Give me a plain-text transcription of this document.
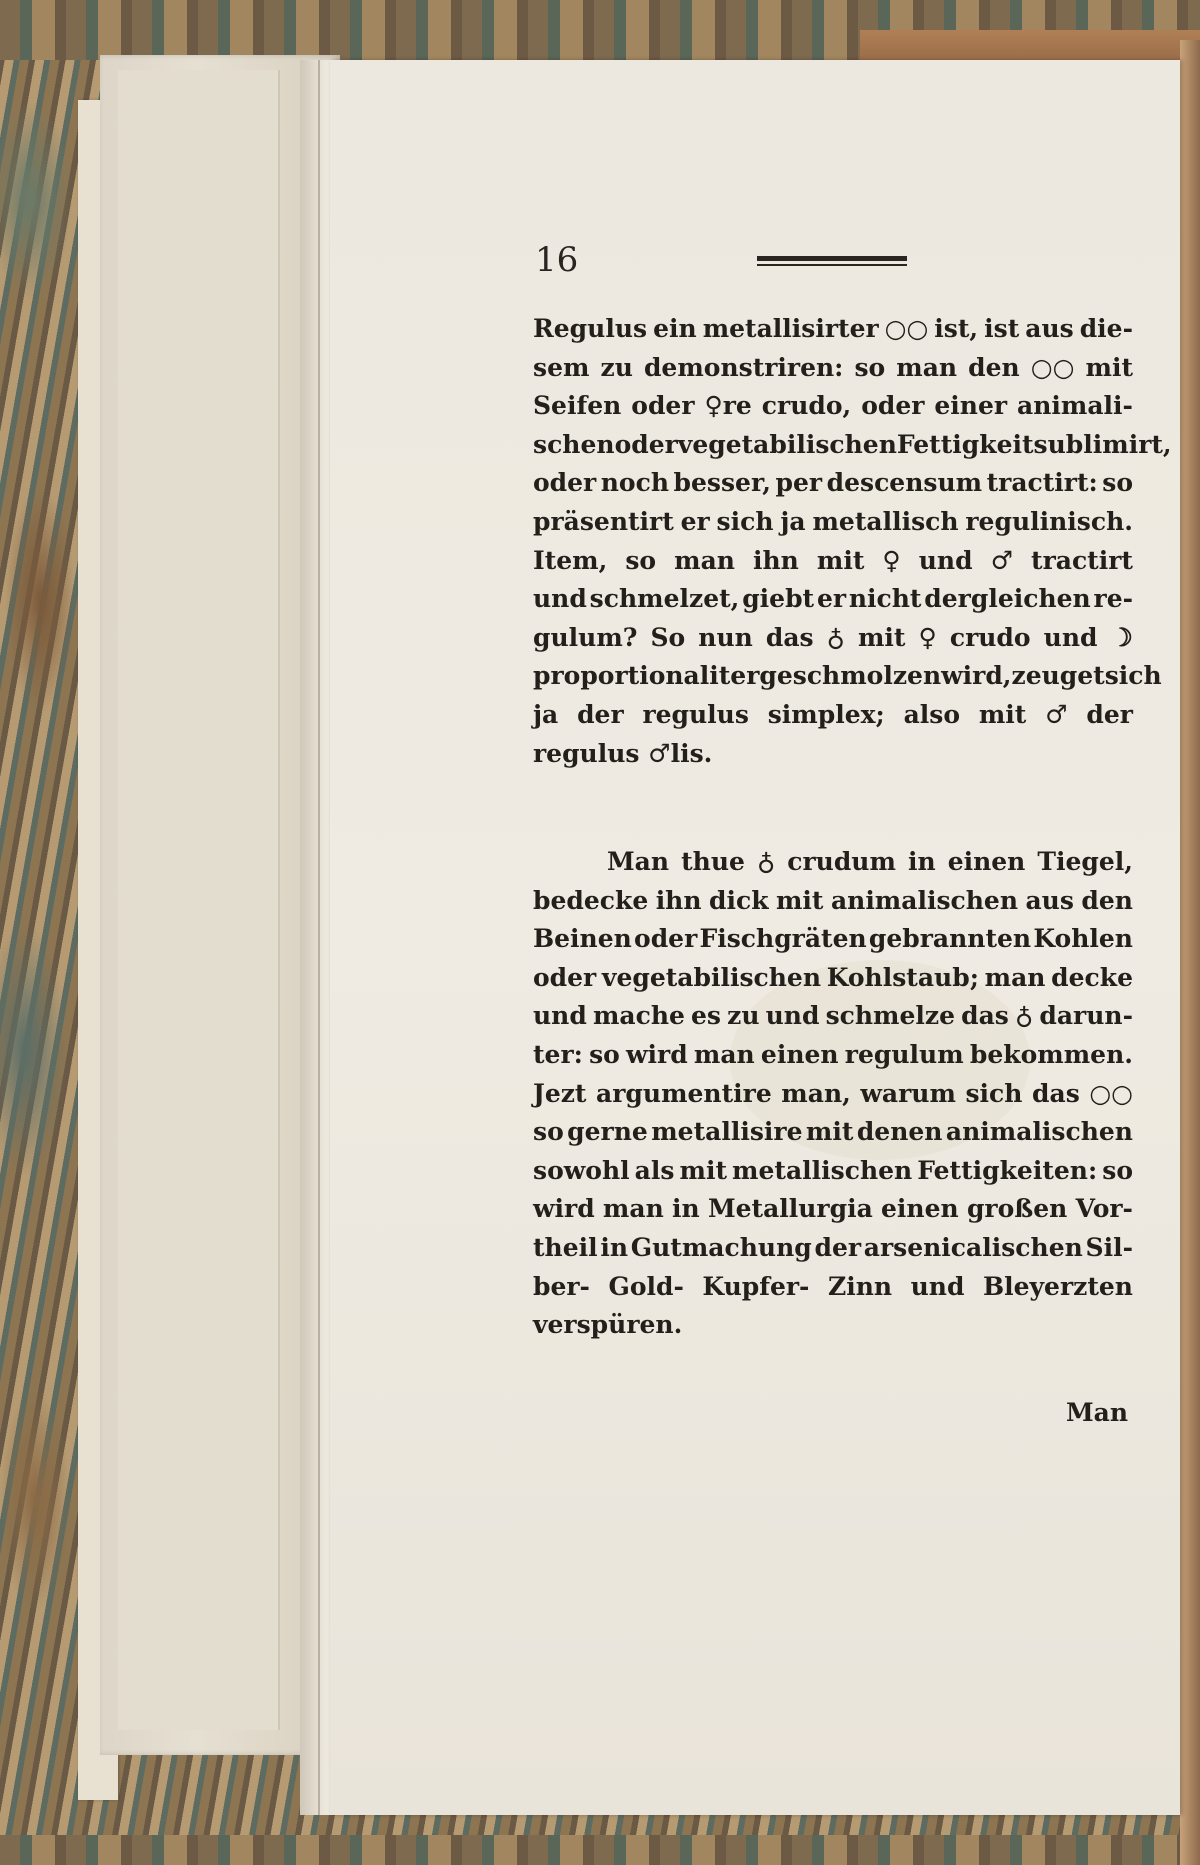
16
Regulus ein metallisirter ○○ ist, ist aus die-
sem zu demonstriren: so man den ○○ mit
Seifen oder ♀re crudo, oder einer animali-
schen oder vegetabilischen Fettigkeit sublimirt,
oder noch besser, per descensum tractirt: so
präsentirt er sich ja metallisch regulinisch.
Item, so man ihn mit ♀ und ♂ tractirt
und schmelzet, giebt er nicht dergleichen re-
gulum? So nun das ♁ mit ♀ crudo und ☽
proportionaliter geschmolzen wird, zeuget sich
ja der regulus simplex; also mit ♂ der
regulus ♂lis.
Man thue ♁ crudum in einen Tiegel,
bedecke ihn dick mit animalischen aus den
Beinen oder Fischgräten gebrannten Kohlen
oder vegetabilischen Kohlstaub; man decke
und mache es zu und schmelze das ♁ darun-
ter: so wird man einen regulum bekommen.
Jezt argumentire man, warum sich das ○○
so gerne metallisire mit denen animalischen
sowohl als mit metallischen Fettigkeiten: so
wird man in Metallurgia einen großen Vor-
theil in Gutmachung der arsenicalischen Sil-
ber- Gold- Kupfer- Zinn und Bleyerzten
verspüren.
Man
